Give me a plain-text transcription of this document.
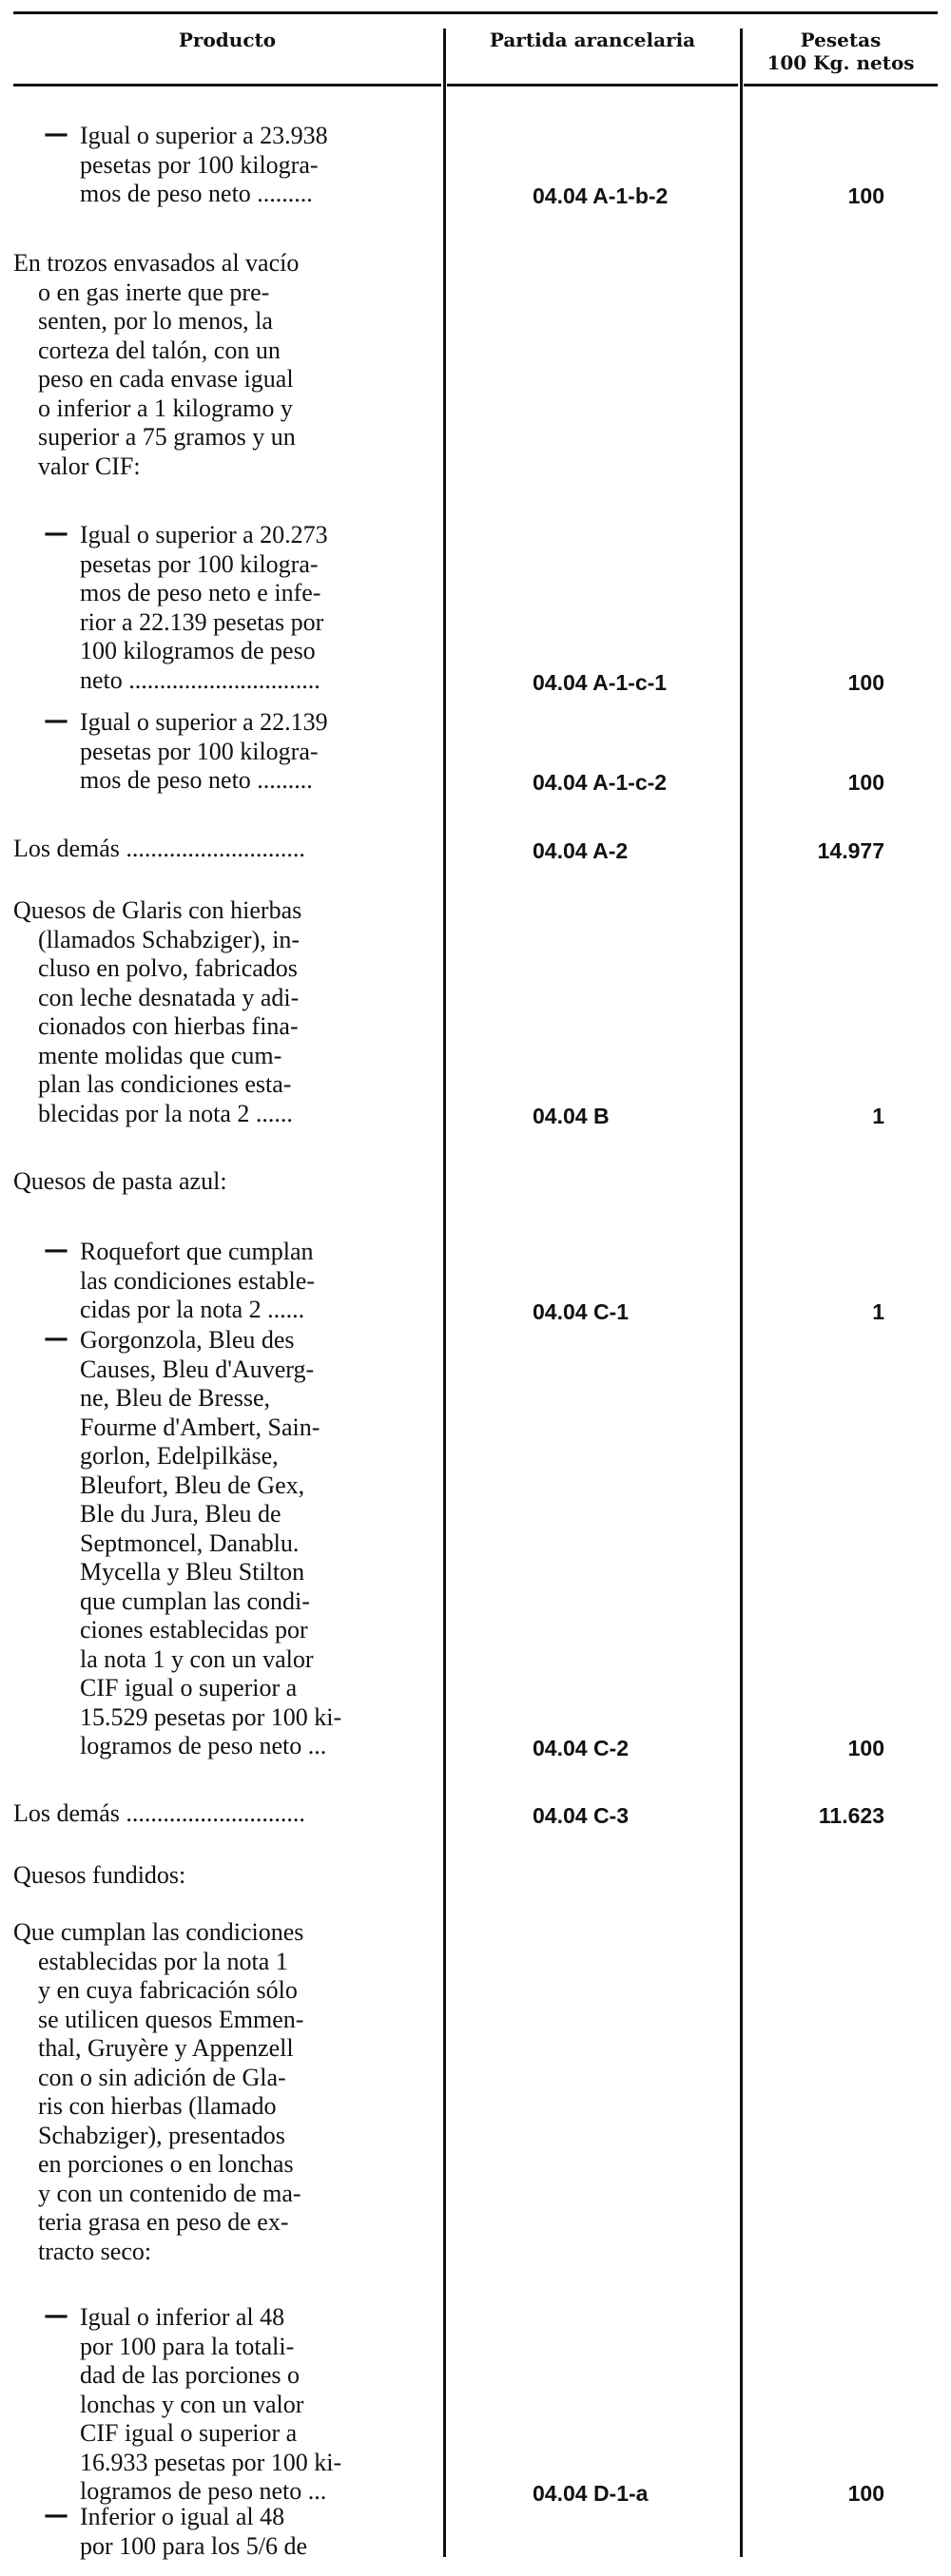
Producto	Partida arancelaria	Pesetas
100 Kg. netos
— Igual o superior a 23.938
pesetas por 100 kilogra-
mos de peso neto .........	04.04 A-1-b-2	100
En trozos envasados al vacío
 o en gas inerte que pre-
 senten, por lo menos, la
 corteza del talón, con un
 peso en cada envase igual
 o inferior a 1 kilogramo y
 superior a 75 gramos y un
 valor CIF:
— Igual o superior a 20.273
pesetas por 100 kilogra-
mos de peso neto e infe-
rior a 22.139 pesetas por
100 kilogramos de peso
neto ...............................	04.04 A-1-c-1	100
— Igual o superior a 22.139
pesetas por 100 kilogra-
mos de peso neto .........	04.04 A-1-c-2	100
Los demás .............................	04.04 A-2	14.977
Quesos de Glaris con hierbas
 (llamados Schabziger), in-
 cluso en polvo, fabricados
 con leche desnatada y adi-
 cionados con hierbas fina-
 mente molidas que cum-
 plan las condiciones esta-
 blecidas por la nota 2 ......	04.04 B	1
Quesos de pasta azul:
— Roquefort que cumplan
las condiciones estable-
cidas por la nota 2 ......	04.04 C-1	1
— Gorgonzola, Bleu des
Causes, Bleu d'Auverg-
ne, Bleu de Bresse,
Fourme d'Ambert, Sain-
gorlon, Edelpilkäse,
Bleufort, Bleu de Gex,
Ble du Jura, Bleu de
Septmoncel, Danablu.
Mycella y Bleu Stilton
que cumplan las condi-
ciones establecidas por
la nota 1 y con un valor
CIF igual o superior a
15.529 pesetas por 100 ki-
logramos de peso neto ...	04.04 C-2	100
Los demás .............................	04.04 C-3	11.623
Quesos fundidos:
Que cumplan las condiciones
 establecidas por la nota 1
 y en cuya fabricación sólo
 se utilicen quesos Emmen-
 thal, Gruyère y Appenzell
 con o sin adición de Gla-
 ris con hierbas (llamado
 Schabziger), presentados
 en porciones o en lonchas
 y con un contenido de ma-
 teria grasa en peso de ex-
 tracto seco:
— Igual o inferior al 48
por 100 para la totali-
dad de las porciones o
lonchas y con un valor
CIF igual o superior a
16.933 pesetas por 100 ki-
logramos de peso neto ...	04.04 D-1-a	100
— Inferior o igual al 48
por 100 para los 5/6 de
